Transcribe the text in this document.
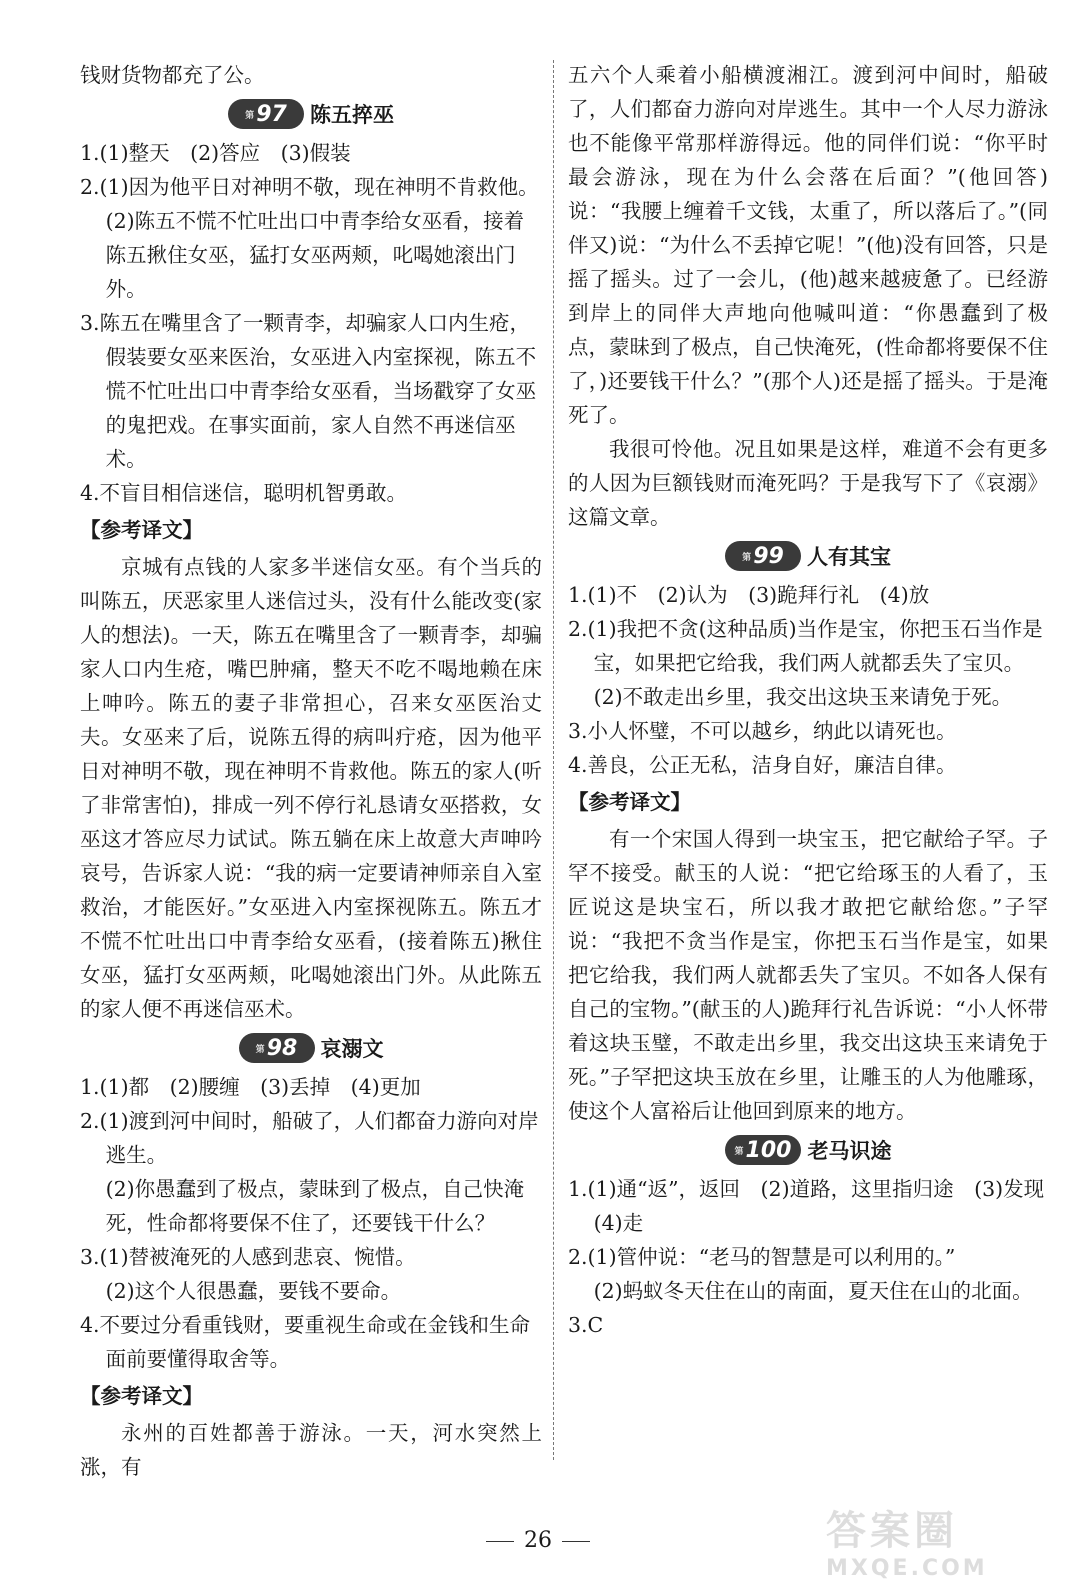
钱财货物都充了公。
第 97 陈五捽巫
1.(1)整天　(2)答应　(3)假装
2.(1)因为他平日对神明不敬，现在神明不肯救他。
(2)陈五不慌不忙吐出口中青李给女巫看，接着陈五揪住女巫，猛打女巫两颊，叱喝她滚出门外。
3.陈五在嘴里含了一颗青李，却骗家人口内生疮，假装要女巫来医治，女巫进入内室探视，陈五不慌不忙吐出口中青李给女巫看，当场戳穿了女巫的鬼把戏。在事实面前，家人自然不再迷信巫术。
4.不盲目相信迷信，聪明机智勇敢。
【参考译文】
京城有点钱的人家多半迷信女巫。有个当兵的叫陈五，厌恶家里人迷信过头，没有什么能改变(家人的想法)。一天，陈五在嘴里含了一颗青李，却骗家人口内生疮，嘴巴肿痛，整天不吃不喝地赖在床上呻吟。陈五的妻子非常担心，召来女巫医治丈夫。女巫来了后，说陈五得的病叫疔疮，因为他平日对神明不敬，现在神明不肯救他。陈五的家人(听了非常害怕)，排成一列不停行礼恳请女巫搭救，女巫这才答应尽力试试。陈五躺在床上故意大声呻吟哀号，告诉家人说：“我的病一定要请神师亲自入室救治，才能医好。”女巫进入内室探视陈五。陈五才不慌不忙吐出口中青李给女巫看，(接着陈五)揪住女巫，猛打女巫两颊，叱喝她滚出门外。从此陈五的家人便不再迷信巫术。
第 98 哀溺文
1.(1)都　(2)腰缠　(3)丢掉　(4)更加
2.(1)渡到河中间时，船破了，人们都奋力游向对岸逃生。
(2)你愚蠢到了极点，蒙昧到了极点，自己快淹死，性命都将要保不住了，还要钱干什么？
3.(1)替被淹死的人感到悲哀、惋惜。
(2)这个人很愚蠢，要钱不要命。
4.不要过分看重钱财，要重视生命或在金钱和生命面前要懂得取舍等。
【参考译文】
永州的百姓都善于游泳。一天，河水突然上涨，有
五六个人乘着小船横渡湘江。渡到河中间时，船破了，人们都奋力游向对岸逃生。其中一个人尽力游泳也不能像平常那样游得远。他的同伴们说：“你平时最会游泳，现在为什么会落在后面？”(他回答)说：“我腰上缠着千文钱，太重了，所以落后了。”(同伴又)说：“为什么不丢掉它呢！”(他)没有回答，只是摇了摇头。过了一会儿，(他)越来越疲惫了。已经游到岸上的同伴大声地向他喊叫道：“你愚蠢到了极点，蒙昧到了极点，自己快淹死，(性命都将要保不住了，)还要钱干什么？”(那个人)还是摇了摇头。于是淹死了。
我很可怜他。况且如果是这样，难道不会有更多的人因为巨额钱财而淹死吗？于是我写下了《哀溺》这篇文章。
第 99 人有其宝
1.(1)不　(2)认为　(3)跪拜行礼　(4)放
2.(1)我把不贪(这种品质)当作是宝，你把玉石当作是宝，如果把它给我，我们两人就都丢失了宝贝。
(2)不敢走出乡里，我交出这块玉来请免于死。
3.小人怀璧，不可以越乡，纳此以请死也。
4.善良，公正无私，洁身自好，廉洁自律。
【参考译文】
有一个宋国人得到一块宝玉，把它献给子罕。子罕不接受。献玉的人说：“把它给琢玉的人看了，玉匠说这是块宝石，所以我才敢把它献给您。”子罕说：“我把不贪当作是宝，你把玉石当作是宝，如果把它给我，我们两人就都丢失了宝贝。不如各人保有自己的宝物。”(献玉的人)跪拜行礼告诉说：“小人怀带着这块玉璧，不敢走出乡里，我交出这块玉来请免于死。”子罕把这块玉放在乡里，让雕玉的人为他雕琢，使这个人富裕后让他回到原来的地方。
第 100 老马识途
1.(1)通“返”，返回　(2)道路，这里指归途　(3)发现
(4)走
2.(1)管仲说：“老马的智慧是可以利用的。”
(2)蚂蚁冬天住在山的南面，夏天住在山的北面。
3.C
26	答案圈
MXQE.COM
